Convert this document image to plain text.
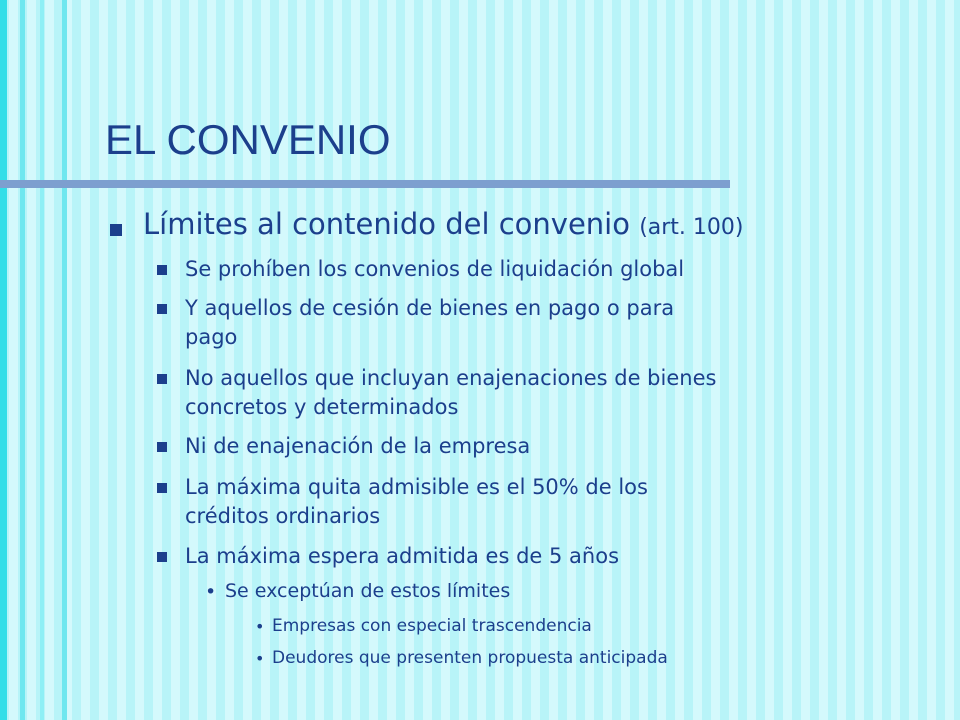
EL CONVENIO
Límites al contenido del convenio (art. 100)
Se prohíben los convenios de liquidación global
Y aquellos de cesión de bienes en pago o para
pago
No aquellos que incluyan enajenaciones de bienes
concretos y determinados
Ni de enajenación de la empresa
La máxima quita admisible es el 50% de los
créditos ordinarios
La máxima espera admitida es de 5 años
• Se exceptúan de estos límites
• Empresas con especial trascendencia
• Deudores que presenten propuesta anticipada
